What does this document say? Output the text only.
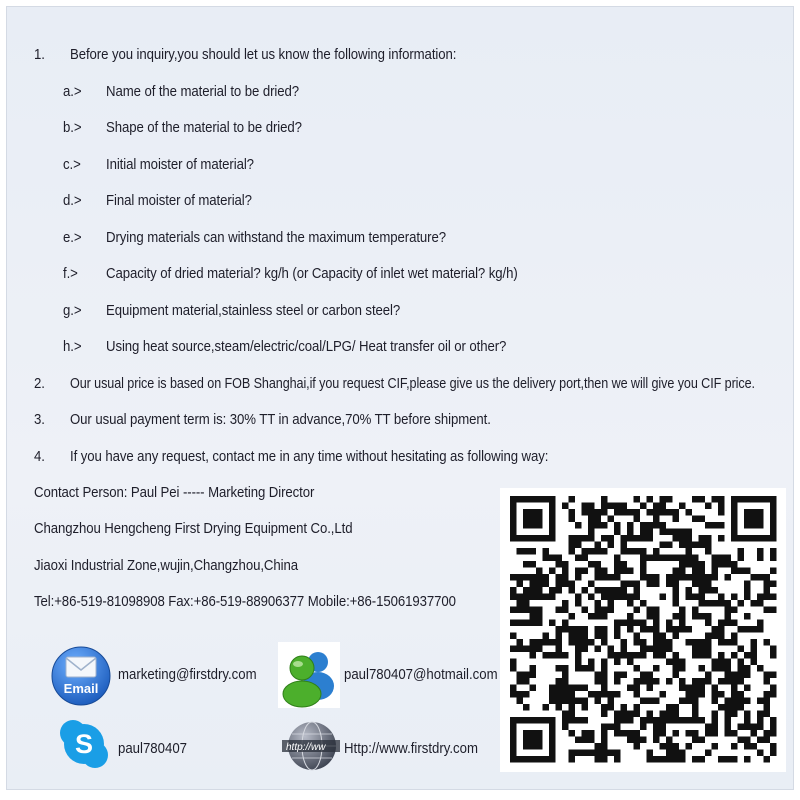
1. Before you inquiry,you should let us know the following information:
a.> Name of the material to be dried?
b.> Shape of the material to be dried?
c.> Initial moister of material?
d.> Final moister of material?
e.> Drying materials can withstand the maximum temperature?
f.> Capacity of dried material? kg/h (or Capacity of inlet wet material? kg/h)
g.> Equipment material,stainless steel or carbon steel?
h.> Using heat source,steam/electric/coal/LPG/ Heat transfer oil or other?
2. Our usual price is based on FOB Shanghai,if you request CIF,please give us the delivery port,then we will give you CIF price.
3. Our usual payment term is: 30% TT in advance,70% TT before shipment.
4. If you have any request, contact me in any time without hesitating as following way:
Contact Person: Paul Pei ----- Marketing Director
Changzhou Hengcheng First Drying Equipment Co.,Ltd
Jiaoxi Industrial Zone,wujin,Changzhou,China
Tel:+86-519-81098908 Fax:+86-519-88906377 Mobile:+86-15061937700
Email
marketing@firstdry.com	paul780407@hotmail.com
S paul780407	http://ww Http://www.firstdry.com
